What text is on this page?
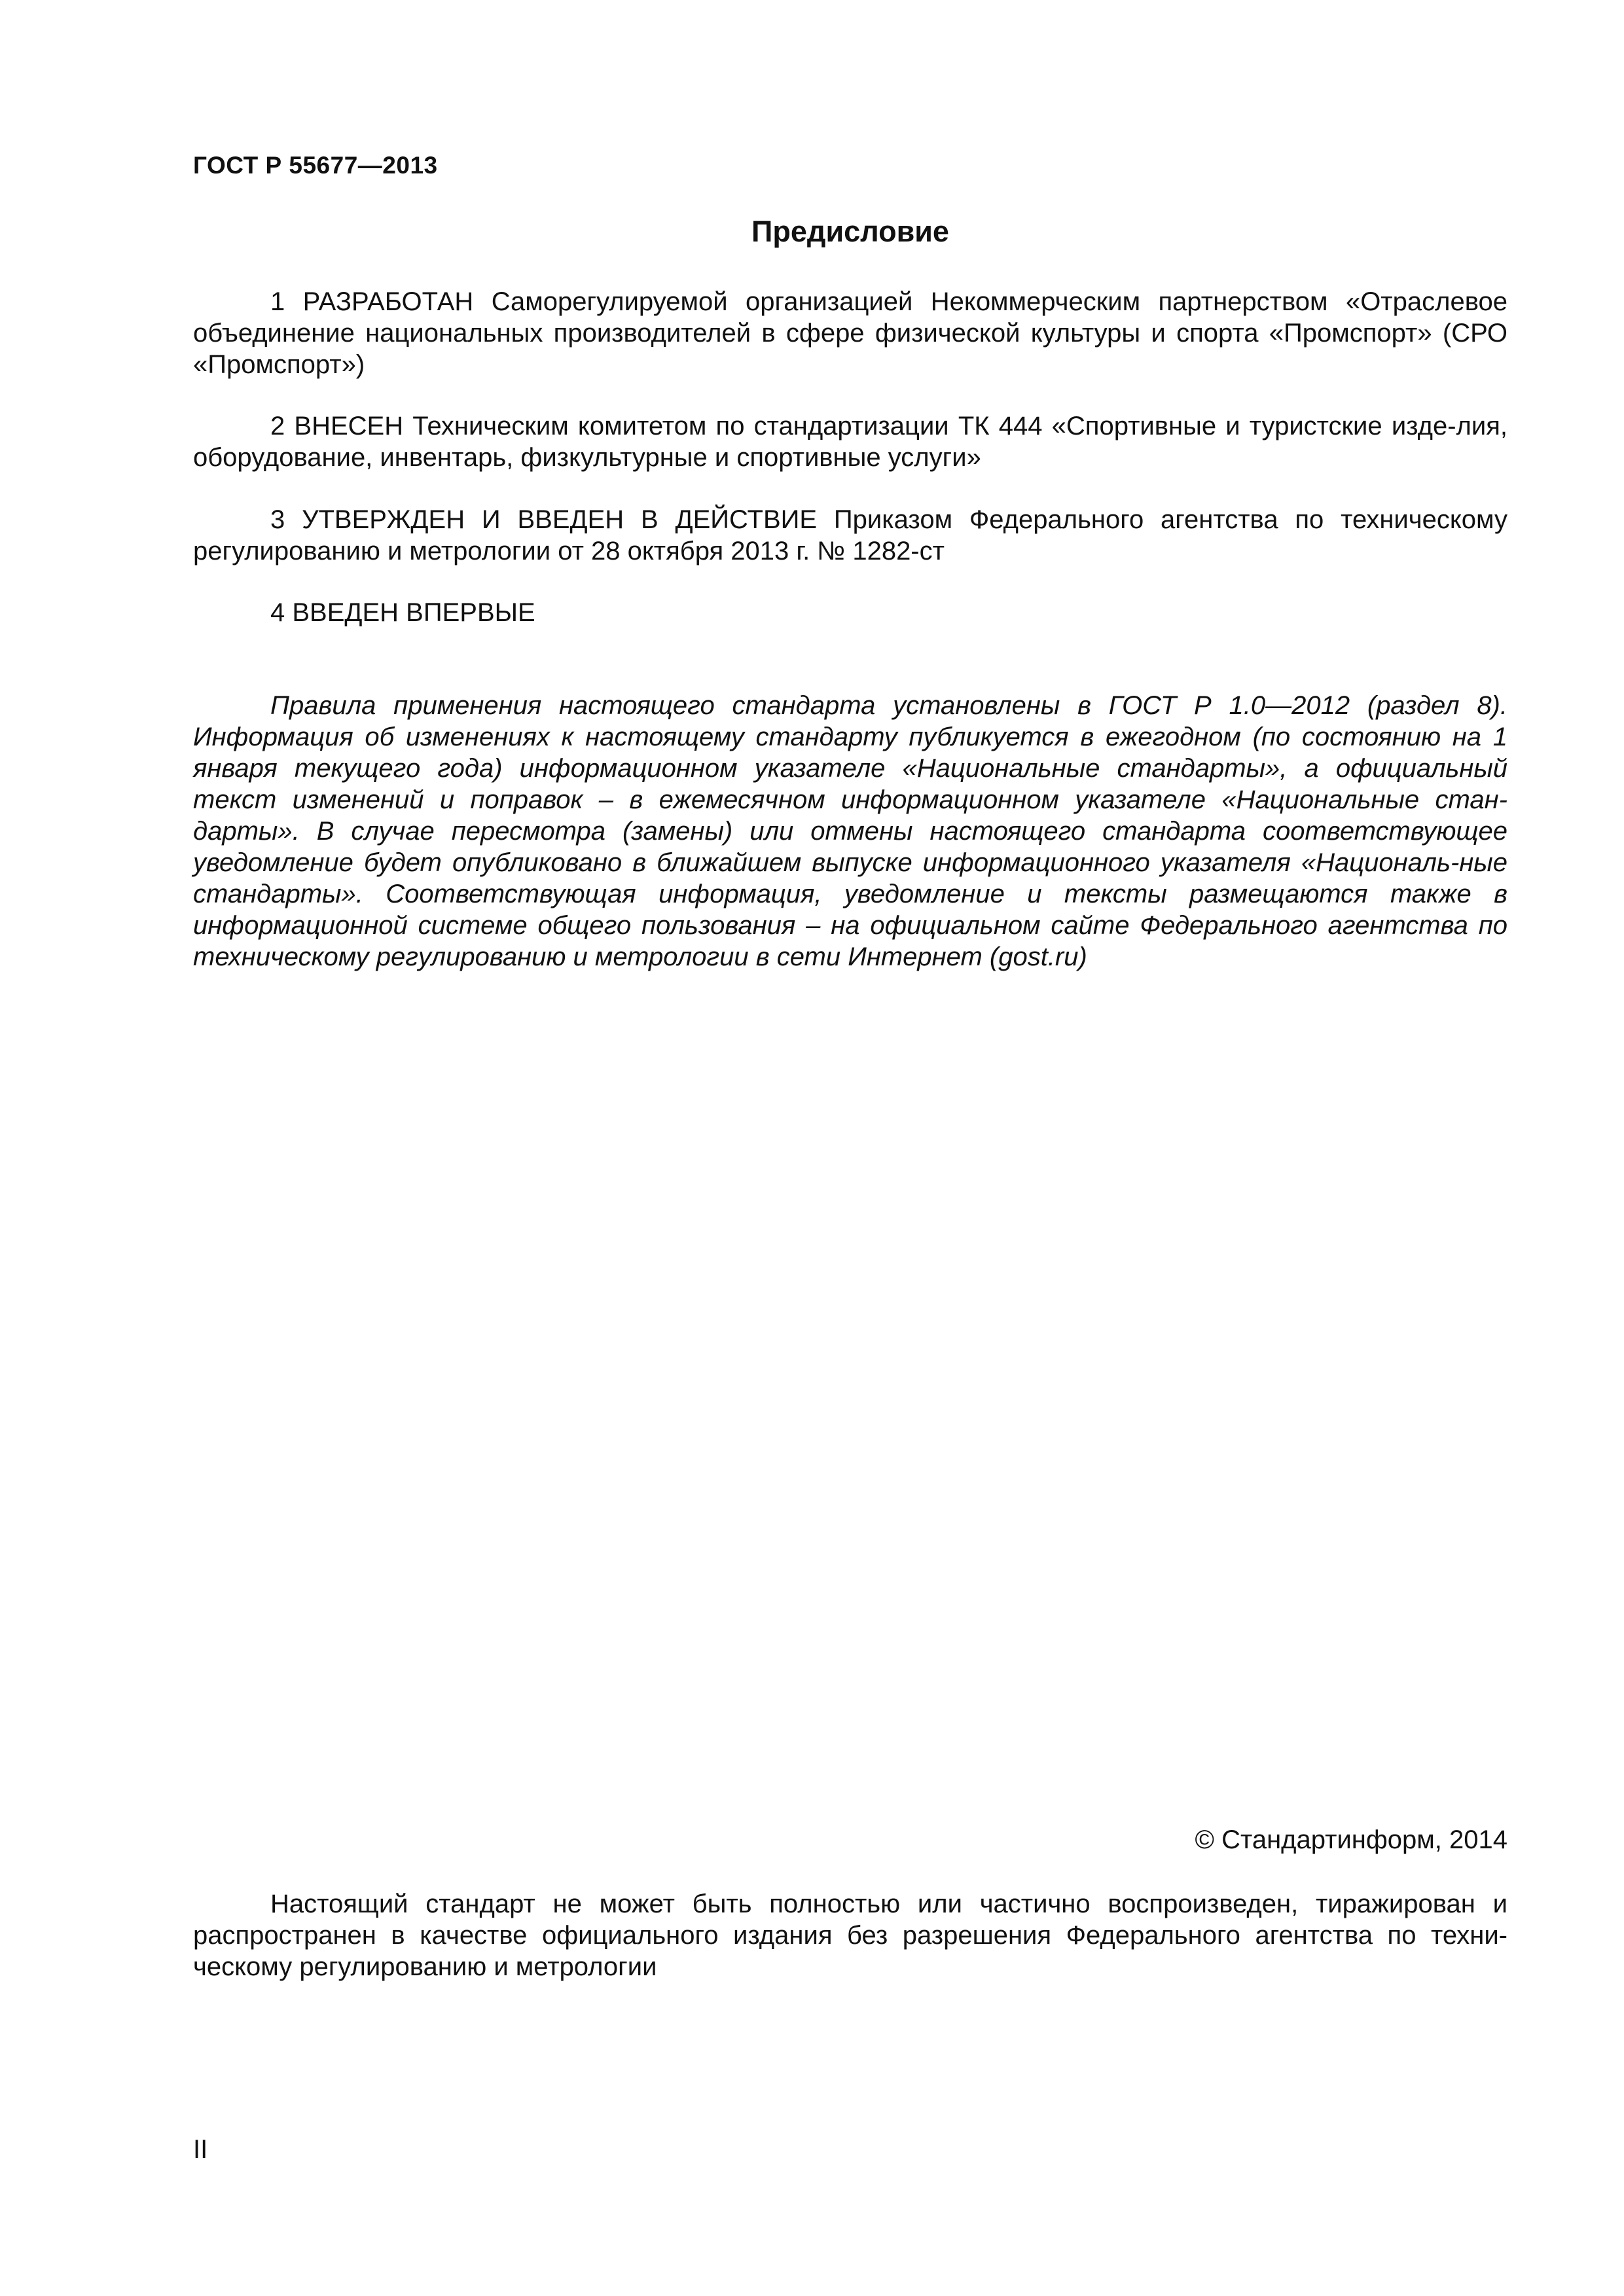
ГОСТ Р 55677—2013
Предисловие

1 РАЗРАБОТАН Саморегулируемой организацией Некоммерческим партнерством «Отраслевое объединение национальных производителей в сфере физической культуры и спорта «Промспорт» (СРО «Промспорт»)

2 ВНЕСЕН Техническим комитетом по стандартизации ТК 444 «Спортивные и туристские изде-лия, оборудование, инвентарь, физкультурные и спортивные услуги»

3 УТВЕРЖДЕН И ВВЕДЕН В ДЕЙСТВИЕ Приказом Федерального агентства по техническому регулированию и метрологии от 28 октября 2013 г. № 1282-ст

4 ВВЕДЕН ВПЕРВЫЕ

Правила применения настоящего стандарта установлены в ГОСТ Р 1.0—2012 (раздел 8). Информация об изменениях к настоящему стандарту публикуется в ежегодном (по состоянию на 1 января текущего года) информационном указателе «Национальные стандарты», а официальный текст изменений и поправок – в ежемесячном информационном указателе «Национальные стан-дарты». В случае пересмотра (замены) или отмены настоящего стандарта соответствующее уведомление будет опубликовано в ближайшем выпуске информационного указателя «Националь-ные стандарты». Соответствующая информация, уведомление и тексты размещаются также в информационной системе общего пользования – на официальном сайте Федерального агентства по техническому регулированию и метрологии в сети Интернет (gost.ru)

© Стандартинформ, 2014

Настоящий стандарт не может быть полностью или частично воспроизведен, тиражирован и распространен в качестве официального издания без разрешения Федерального агентства по техни-ческому регулированию и метрологии

II
